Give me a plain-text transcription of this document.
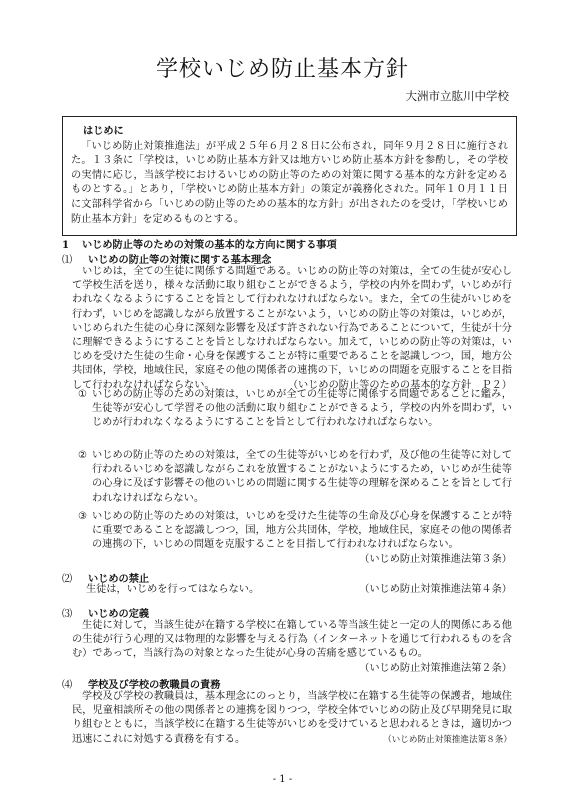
学校いじめ防止基本方針
大洲市立肱川中学校
はじめに
「いじめ防止対策推進法」が平成２５年６月２８日に公布され，同年９月２８日に施行された。１３条に「学校は，いじめ防止基本方針又は地方いじめ防止基本方針を参酌し，その学校の実情に応じ，当該学校におけるいじめの防止等のための対策に関する基本的な方針を定めるものとする。」とあり，「学校いじめ防止基本方針」の策定が義務化された。同年１０月１１日に文部科学省から「いじめの防止等のための基本的な方針」が出されたのを受け，「学校いじめ防止基本方針」を定めるものとする。
1 いじめ防止等のための対策の基本的な方向に関する事項
⑴ いじめの防止等の対策に関する基本理念
いじめは，全ての生徒に関係する問題である。いじめの防止等の対策は，全ての生徒が安心して学校生活を送り，様々な活動に取り組むことができるよう，学校の内外を問わず，いじめが行われなくなるようにすることを旨として行われなければならない。また，全ての生徒がいじめを行わず，いじめを認識しながら放置することがないよう，いじめの防止等の対策は，いじめが，いじめられた生徒の心身に深刻な影響を及ぼす許されない行為であることについて，生徒が十分に理解できるようにすることを旨としなければならない。加えて，いじめの防止等の対策は，いじめを受けた生徒の生命・心身を保護することが特に重要であることを認識しつつ，国，地方公共団体，学校，地域住民，家庭その他の関係者の連携の下，いじめの問題を克服することを目指して行われなければならない。	（いじめの防止等のための基本的な方針　Ｐ２）
① いじめの防止等のための対策は，いじめが全ての生徒等に関係する問題であることに鑑み，生徒等が安心して学習その他の活動に取り組むことができるよう，学校の内外を問わず，いじめが行われなくなるようにすることを旨として行われなければならない。
② いじめの防止等のための対策は，全ての生徒等がいじめを行わず，及び他の生徒等に対して行われるいじめを認識しながらこれを放置することがないようにするため，いじめが生徒等の心身に及ぼす影響その他のいじめの問題に関する生徒等の理解を深めることを旨として行われなければならない。
③ いじめの防止等のための対策は，いじめを受けた生徒等の生命及び心身を保護することが特に重要であることを認識しつつ，国，地方公共団体，学校，地域住民，家庭その他の関係者の連携の下，いじめの問題を克服することを目指して行われなければならない。
（いじめ防止対策推進法第３条）
⑵ いじめの禁止
生徒は，いじめを行ってはならない。	（いじめ防止対策推進法第４条）
⑶ いじめの定義
生徒に対して，当該生徒が在籍する学校に在籍している等当該生徒と一定の人的関係にある他の生徒が行う心理的又は物理的な影響を与える行為（インターネットを通じて行われるものを含む）であって，当該行為の対象となった生徒が心身の苦痛を感じているもの。
（いじめ防止対策推進法第２条）
⑷ 学校及び学校の教職員の責務
学校及び学校の教職員は，基本理念にのっとり，当該学校に在籍する生徒等の保護者，地域住民，児童相談所その他の関係者との連携を図りつつ，学校全体でいじめの防止及び早期発見に取り組むとともに，当該学校に在籍する生徒等がいじめを受けていると思われるときは，適切かつ迅速にこれに対処する責務を有する。	（いじめ防止対策推進法第８条）
- 1 -
